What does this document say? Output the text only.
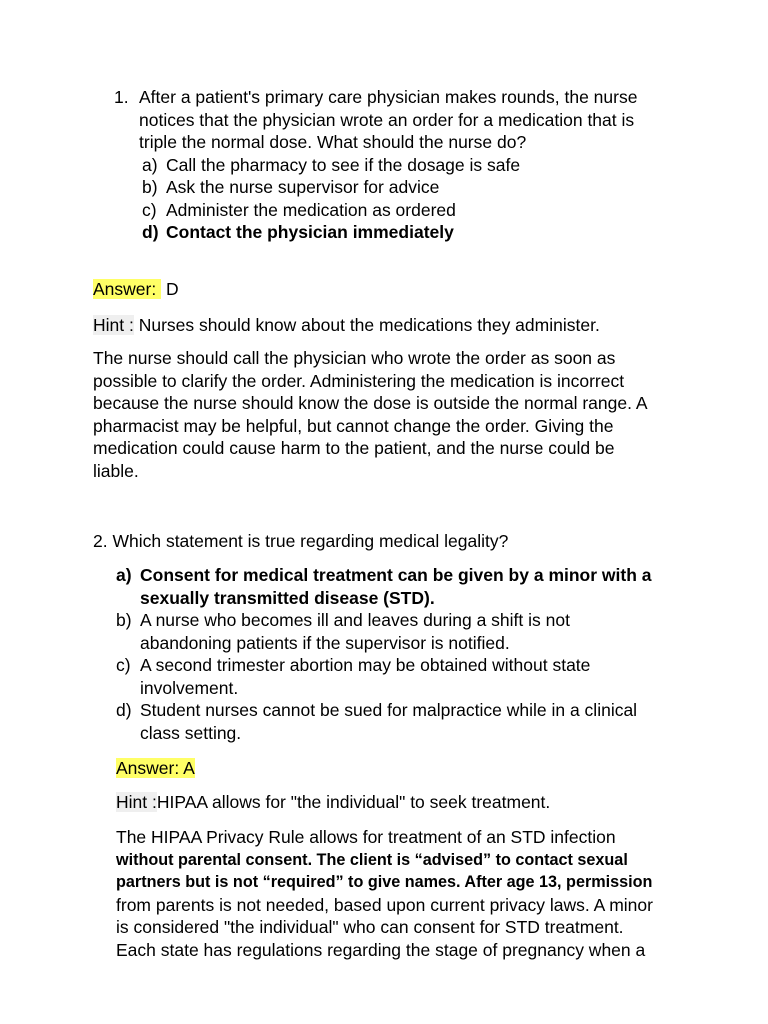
1. After a patient's primary care physician makes rounds, the nurse
notices that the physician wrote an order for a medication that is
triple the normal dose. What should the nurse do?
a) Call the pharmacy to see if the dosage is safe
b) Ask the nurse supervisor for advice
c) Administer the medication as ordered
d) Contact the physician immediately
Answer:  D
Hint : Nurses should know about the medications they administer.
The nurse should call the physician who wrote the order as soon as
possible to clarify the order. Administering the medication is incorrect
because the nurse should know the dose is outside the normal range. A
pharmacist may be helpful, but cannot change the order. Giving the
medication could cause harm to the patient, and the nurse could be
liable.
2. Which statement is true regarding medical legality?
a) Consent for medical treatment can be given by a minor with a
sexually transmitted disease (STD).
b) A nurse who becomes ill and leaves during a shift is not
abandoning patients if the supervisor is notified.
c) A second trimester abortion may be obtained without state
involvement.
d) Student nurses cannot be sued for malpractice while in a clinical
class setting.
Answer: A
Hint :HIPAA allows for "the individual" to seek treatment.
The HIPAA Privacy Rule allows for treatment of an STD infection
without parental consent. The client is “advised” to contact sexual
partners but is not “required” to give names. After age 13, permission
from parents is not needed, based upon current privacy laws. A minor
is considered "the individual" who can consent for STD treatment.
Each state has regulations regarding the stage of pregnancy when a
